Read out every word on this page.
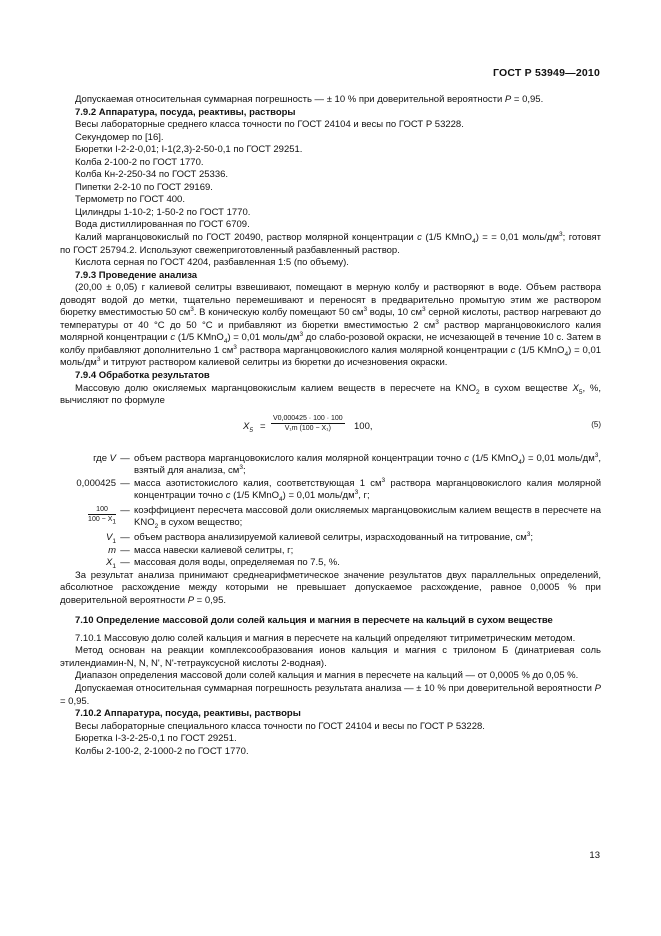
ГОСТ Р 53949—2010

Допускаемая относительная суммарная погрешность — ± 10 % при доверительной вероятности P = 0,95.

7.9.2 Аппаратура, посуда, реактивы, растворы

Весы лабораторные среднего класса точности по ГОСТ 24104 и весы по ГОСТ Р 53228.

Секундомер по [16].

Бюретки I-2-2-0,01; I-1(2,3)-2-50-0,1 по ГОСТ 29251.

Колба 2-100-2 по ГОСТ 1770.

Колба Кн-2-250-34 по ГОСТ 25336.

Пипетки 2-2-10 по ГОСТ 29169.

Термометр по ГОСТ 400.

Цилиндры 1-10-2; 1-50-2 по ГОСТ 1770.

Вода дистиллированная по ГОСТ 6709.

Калий марганцовокислый по ГОСТ 20490, раствор молярной концентрации c (1/5 KMnO$_4$) = = 0,01 моль/$дм^3$; готовят по ГОСТ 25794.2. Используют свежеприготовленный разбавленный раствор.

Кислота серная по ГОСТ 4204, разбавленная 1:5 (по объему).

7.9.3 Проведение анализа

(20,00 ± 0,05) г калиевой селитры взвешивают, помещают в мерную колбу и растворяют в воде. Объем раствора доводят водой до метки, тщательно перемешивают и переносят в предварительно промытую этим же раствором бюретку вместимостью 50 $см^3$. В коническую колбу помещают 50 $см^3$ воды, 10 $см^3$ серной кислоты, раствор нагревают до температуры от 40 °С до 50 °С и прибавляют из бюретки вместимостью 2 $см^3$ раствор марганцовокислого калия молярной концентрации c (1/5 KMnO$_4$) = 0,01 моль/$дм^3$ до слабо-розовой окраски, не исчезающей в течение 10 с. Затем в колбу прибавляют дополнительно 1 $см^3$ раствора марганцовокислого калия молярной концентрации c (1/5 KMnO$_4$) = 0,01 моль/$дм^3$ и титруют раствором калиевой селитры из бюретки до исчезновения окраски.

7.9.4 Обработка результатов

Массовую долю окисляемых марганцовокислым калием веществ в пересчете на $KNO_2$ в сухом веществе $X_5$, %, вычисляют по формуле

$X_5 = \frac{V0,000425 \cdot 100 \cdot 100}{\text{V₁m (100 − X₁)}} 100$,	(5)
где V — объем раствора марганцовокислого калия молярной концентрации точно c (1/5 KMnO$_4$) = 0,01 моль/$дм^3$, взятый для анализа, $см^3$;
0,000425 — масса азотистокислого калия, соответствующая 1 $см^3$ раствора марганцовокислого калия молярной концентрации точно c (1/5 KMnO$_4$) = 0,01 моль/$дм^3$, г;
$\frac{100}{100 - X_1}$ — коэффициент пересчета массовой доли окисляемых марганцовокислым калием веществ в пересчете на $KNO_2$ в сухом вещество;
$V_1$ — объем раствора анализируемой калиевой селитры, израсходованный на титрование, $см^3$;
m — масса навески калиевой селитры, г;
$X_1$ — массовая доля воды, определяемая по 7.5, %.

За результат анализа принимают среднеарифметическое значение результатов двух параллельных определений, абсолютное расхождение между которыми не превышает допускаемое расхождение, равное 0,0005 % при доверительной вероятности P = 0,95.

7.10 Определение массовой доли солей кальция и магния в пересчете на кальций в сухом веществе

7.10.1 Массовую долю солей кальция и магния в пересчете на кальций определяют титриметрическим методом.

Метод основан на реакции комплексообразования ионов кальция и магния с трилоном Б (динатриевая соль этилендиамин-N, N, N', N'-тетрауксусной кислоты 2-водная).

Диапазон определения массовой доли солей кальция и магния в пересчете на кальций — от 0,0005 % до 0,05 %.

Допускаемая относительная суммарная погрешность результата анализа — ± 10 % при доверительной вероятности P = 0,95.

7.10.2 Аппаратура, посуда, реактивы, растворы

Весы лабораторные специального класса точности по ГОСТ 24104 и весы по ГОСТ Р 53228.

Бюретка I-3-2-25-0,1 по ГОСТ 29251.

Колбы 2-100-2, 2-1000-2 по ГОСТ 1770.

13
